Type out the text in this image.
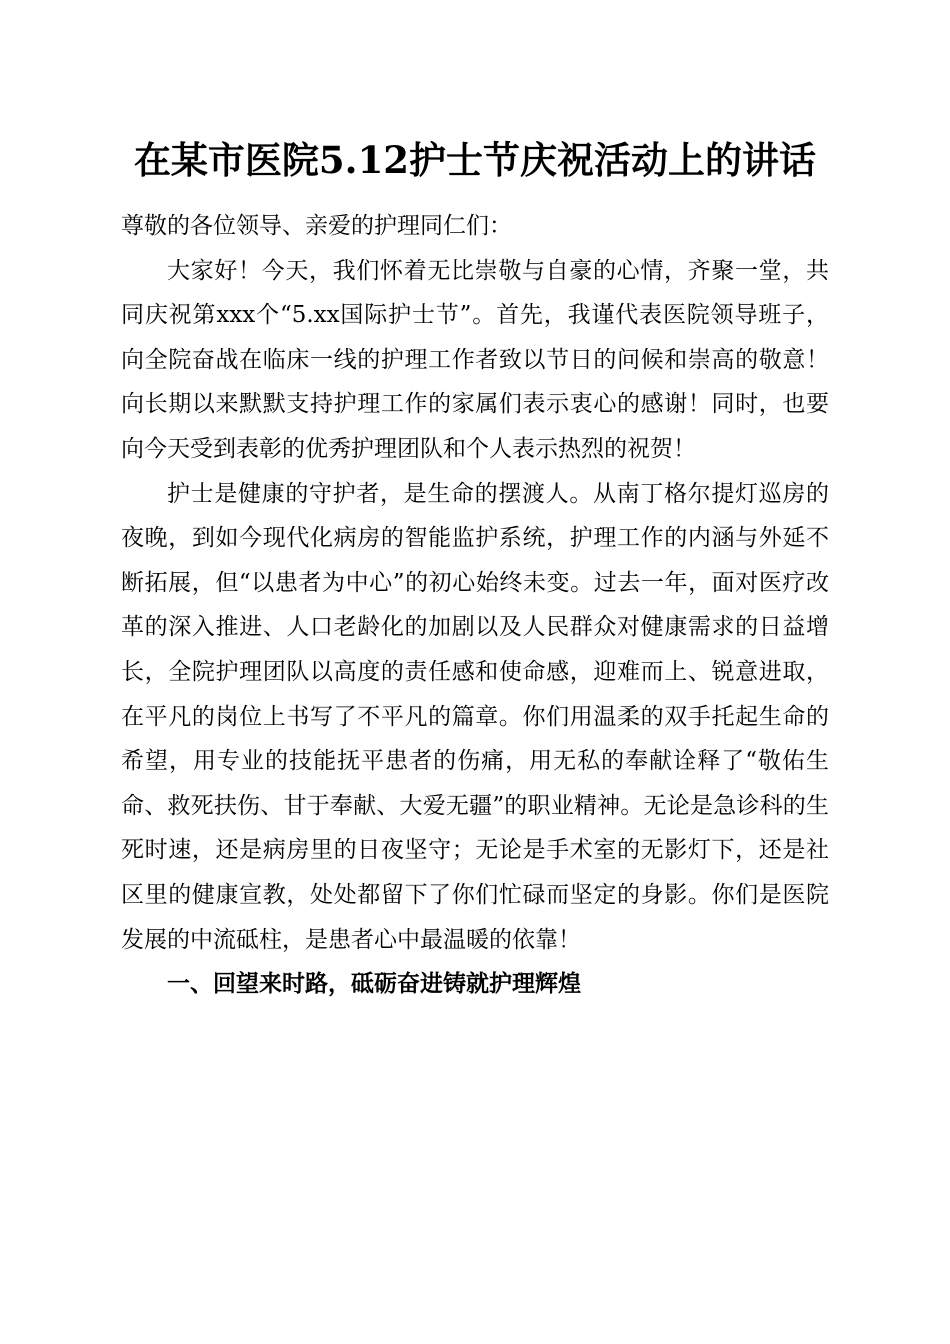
在某市医院5.12护士节庆祝活动上的讲话

尊敬的各位领导、亲爱的护理同仁们：

大家好！今天，我们怀着无比崇敬与自豪的心情，齐聚一堂，共同庆祝第xxx个“5.xx国际护士节”。首先，我谨代表医院领导班子，向全院奋战在临床一线的护理工作者致以节日的问候和崇高的敬意！向长期以来默默支持护理工作的家属们表示衷心的感谢！同时，也要向今天受到表彰的优秀护理团队和个人表示热烈的祝贺！

护士是健康的守护者，是生命的摆渡人。从南丁格尔提灯巡房的夜晚，到如今现代化病房的智能监护系统，护理工作的内涵与外延不断拓展，但“以患者为中心”的初心始终未变。过去一年，面对医疗改革的深入推进、人口老龄化的加剧以及人民群众对健康需求的日益增长，全院护理团队以高度的责任感和使命感，迎难而上、锐意进取，在平凡的岗位上书写了不平凡的篇章。你们用温柔的双手托起生命的希望，用专业的技能抚平患者的伤痛，用无私的奉献诠释了“敬佑生命、救死扶伤、甘于奉献、大爱无疆”的职业精神。无论是急诊科的生死时速，还是病房里的日夜坚守；无论是手术室的无影灯下，还是社区里的健康宣教，处处都留下了你们忙碌而坚定的身影。你们是医院发展的中流砥柱，是患者心中最温暖的依靠！

一、回望来时路，砥砺奋进铸就护理辉煌
